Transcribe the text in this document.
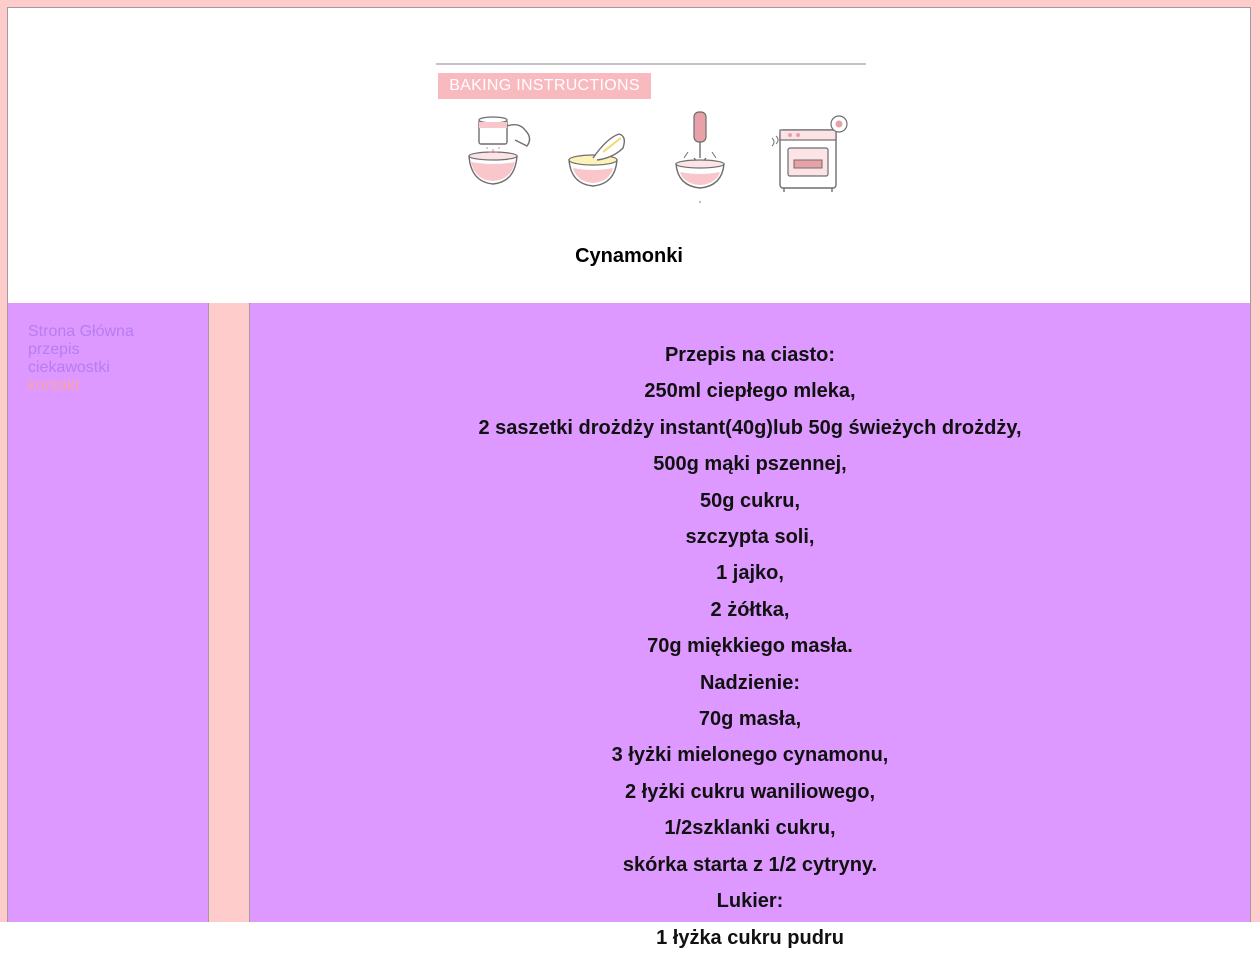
BAKING INSTRUCTIONS
Cynamonki
Strona Główna
przepis
ciekawostki
kontakt
Przepis na ciasto:
250ml ciepłego mleka,
2 saszetki drożdży instant(40g)lub 50g świeżych drożdży,
500g mąki pszennej,
50g cukru,
szczypta soli,
1 jajko,
2 żółtka,
70g miękkiego masła.
Nadzienie:
70g masła,
3 łyżki mielonego cynamonu,
2 łyżki cukru waniliowego,
1/2szklanki cukru,
skórka starta z 1/2 cytryny.
Lukier:
1 łyżka cukru pudru
